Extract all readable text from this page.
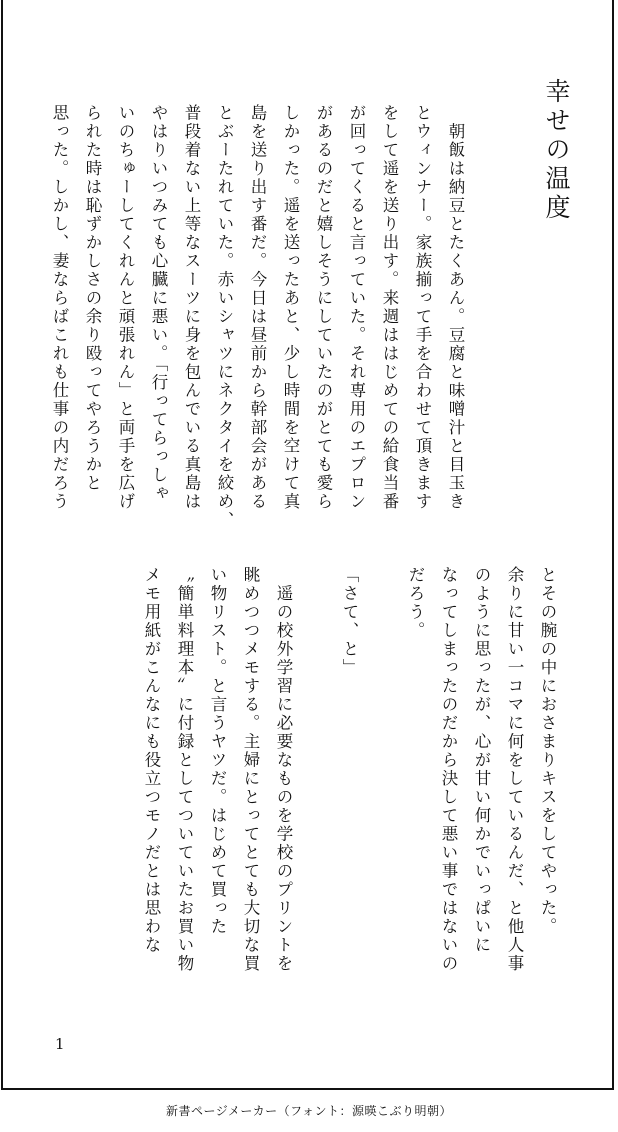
幸せの温度
　朝飯は納豆とたくあん。豆腐と味噌汁と目玉き
とウィンナー。家族揃って手を合わせて頂きます
をして遥を送り出す。来週ははじめての給食当番
が回ってくると言っていた。それ専用のエプロン
があるのだと嬉しそうにしていたのがとても愛ら
しかった。遥を送ったあと、少し時間を空けて真
島を送り出す番だ。今日は昼前から幹部会がある
とぶーたれていた。赤いシャツにネクタイを絞め、
普段着ない上等なスーツに身を包んでいる真島は
やはりいつみても心臓に悪い。「行ってらっしゃ
いのちゅーしてくれんと頑張れん」と両手を広げ
られた時は恥ずかしさの余り殴ってやろうかと
思った。しかし、妻ならばこれも仕事の内だろう
とその腕の中におさまりキスをしてやった。
余りに甘い一コマに何をしているんだ、と他人事
のように思ったが、心が甘い何かでいっぱいに
なってしまったのだから決して悪い事ではないの
だろう。

「さて、と」

　遥の校外学習に必要なものを学校のプリントを
眺めつつメモする。主婦にとってとても大切な買
い物リスト。と言うヤツだ。はじめて買った
〝簡単料理本〟に付録としてついていたお買い物
メモ用紙がこんなにも役立つモノだとは思わな
1
新書ページメーカー（フォント：源暎こぶり明朝）
